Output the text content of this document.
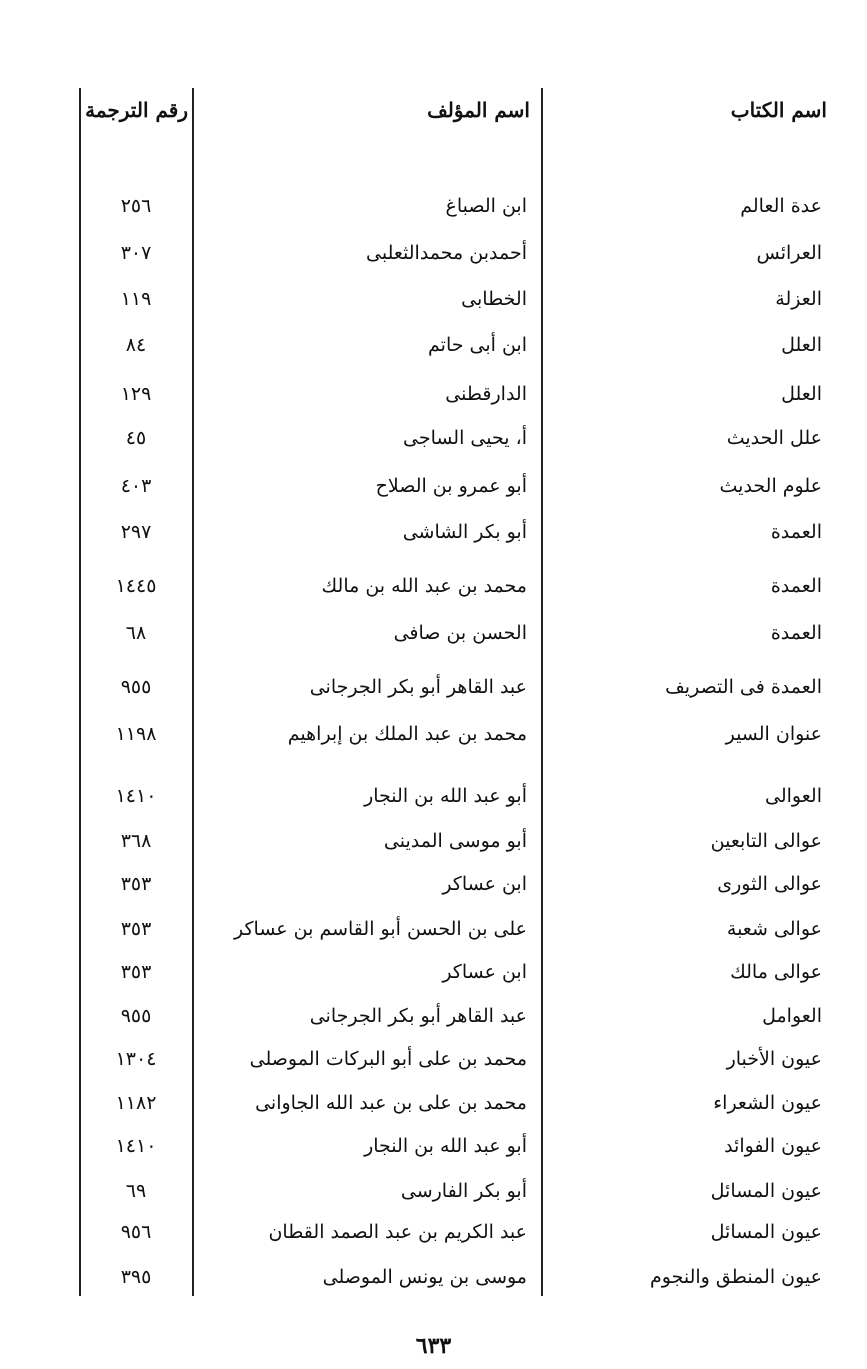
اسم الكتاب
اسم المؤلف
رقم الترجمة
عدة العالم
ابن الصباغ
٢٥٦
العرائس
أحمدبن محمدالثعلبى
٣٠٧
العزلة
الخطابى
١١٩
العلل
ابن أبى حاتم
٨٤
العلل
الدارقطنى
١٢٩
علل الحديث
أ، يحيى الساجى
٤٥
علوم الحديث
أبو عمرو بن الصلاح
٤٠٣
العمدة
أبو بكر الشاشى
٢٩٧
العمدة
محمد بن عبد الله بن مالك
١٤٤٥
العمدة
الحسن بن صافى
٦٨
العمدة فى التصريف
عبد القاهر أبو بكر الجرجانى
٩٥٥
عنوان السير
محمد بن عبد الملك بن إبراهيم
١١٩٨
العوالى
أبو عبد الله بن النجار
١٤١٠
عوالى التابعين
أبو موسى المدينى
٣٦٨
عوالى الثورى
ابن عساكر
٣٥٣
عوالى شعبة
على بن الحسن أبو القاسم بن عساكر
٣٥٣
عوالى مالك
ابن عساكر
٣٥٣
العوامل
عبد القاهر أبو بكر الجرجانى
٩٥٥
عيون الأخبار
محمد بن على أبو البركات الموصلى
١٣٠٤
عيون الشعراء
محمد بن على بن عبد الله الجاوانى
١١٨٢
عيون الفوائد
أبو عبد الله بن النجار
١٤١٠
عيون المسائل
أبو بكر الفارسى
٦٩
عيون المسائل
عبد الكريم بن عبد الصمد القطان
٩٥٦
عيون المنطق والنجوم
موسى بن يونس الموصلى
٣٩٥
٦٣٣
